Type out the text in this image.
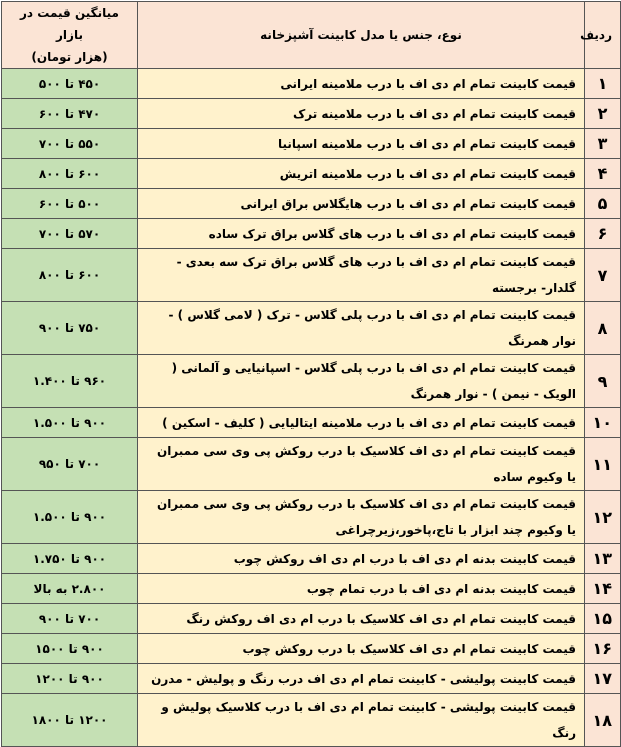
ردیف	نوع، جنس یا مدل کابینت آشپزخانه	میانگین قیمت در بازار
(هزار تومان)

۱	قیمت کابینت تمام ام دی اف با درب ملامینه ایرانی	۴۵۰ تا ۵۰۰
۲	قیمت کابینت تمام ام دی اف با درب ملامینه ترک	۴۷۰ تا ۶۰۰
۳	قیمت کابینت تمام ام دی اف با درب ملامینه اسپانیا	۵۵۰ تا ۷۰۰
۴	قیمت کابینت تمام ام دی اف با درب ملامینه اتریش	۶۰۰ تا ۸۰۰
۵	قیمت کابینت تمام ام دی اف با درب هایگلاس براق ایرانی	۵۰۰ تا ۶۰۰
۶	قیمت کابینت تمام ام دی اف با درب های گلاس براق ترک ساده	۵۷۰ تا ۷۰۰
۷	قیمت کابینت تمام ام دی اف با درب های گلاس براق ترک سه بعدی - گلدار- برجسته	۶۰۰ تا ۸۰۰
۸	قیمت کابینت تمام ام دی اف با درب پلی گلاس - ترک ( لامی گلاس ) - نوار همرنگ	۷۵۰ تا ۹۰۰
۹	قیمت کابینت تمام ام دی اف با درب پلی گلاس - اسپانیایی و آلمانی ( الویک - نیمن ) - نوار همرنگ	۹۶۰ تا ۱.۴۰۰
۱۰	قیمت کابینت تمام ام دی اف با درب ملامینه ایتالیایی ( کلیف - اسکین )	۹۰۰ تا ۱.۵۰۰
۱۱	قیمت کابینت تمام ام دی اف کلاسیک با درب روکش پی وی سی ممبران یا وکیوم ساده	۷۰۰ تا ۹۵۰
۱۲	قیمت کابینت تمام ام دی اف کلاسیک با درب روکش پی وی سی ممبران یا وکیوم چند ابزار با تاج،پاخور،زیرچراغی	۹۰۰ تا ۱.۵۰۰
۱۳	قیمت کابینت بدنه ام دی اف با درب ام دی اف روکش چوب	۹۰۰ تا ۱.۷۵۰
۱۴	قیمت کابینت بدنه ام دی اف با درب تمام چوب	۲.۸۰۰ به بالا
۱۵	قیمت کابینت تمام ام دی اف کلاسیک با درب ام دی اف روکش رنگ	۷۰۰ تا ۹۰۰
۱۶	قیمت کابینت تمام ام دی اف کلاسیک با درب روکش چوب	۹۰۰ تا ۱۵۰۰
۱۷	قیمت کابینت پولیشی - کابینت تمام ام دی اف درب رنگ و پولیش - مدرن	۹۰۰ تا ۱۲۰۰
۱۸	قیمت کابینت پولیشی - کابینت تمام ام دی اف با درب کلاسیک پولیش و رنگ	۱۲۰۰ تا ۱۸۰۰
